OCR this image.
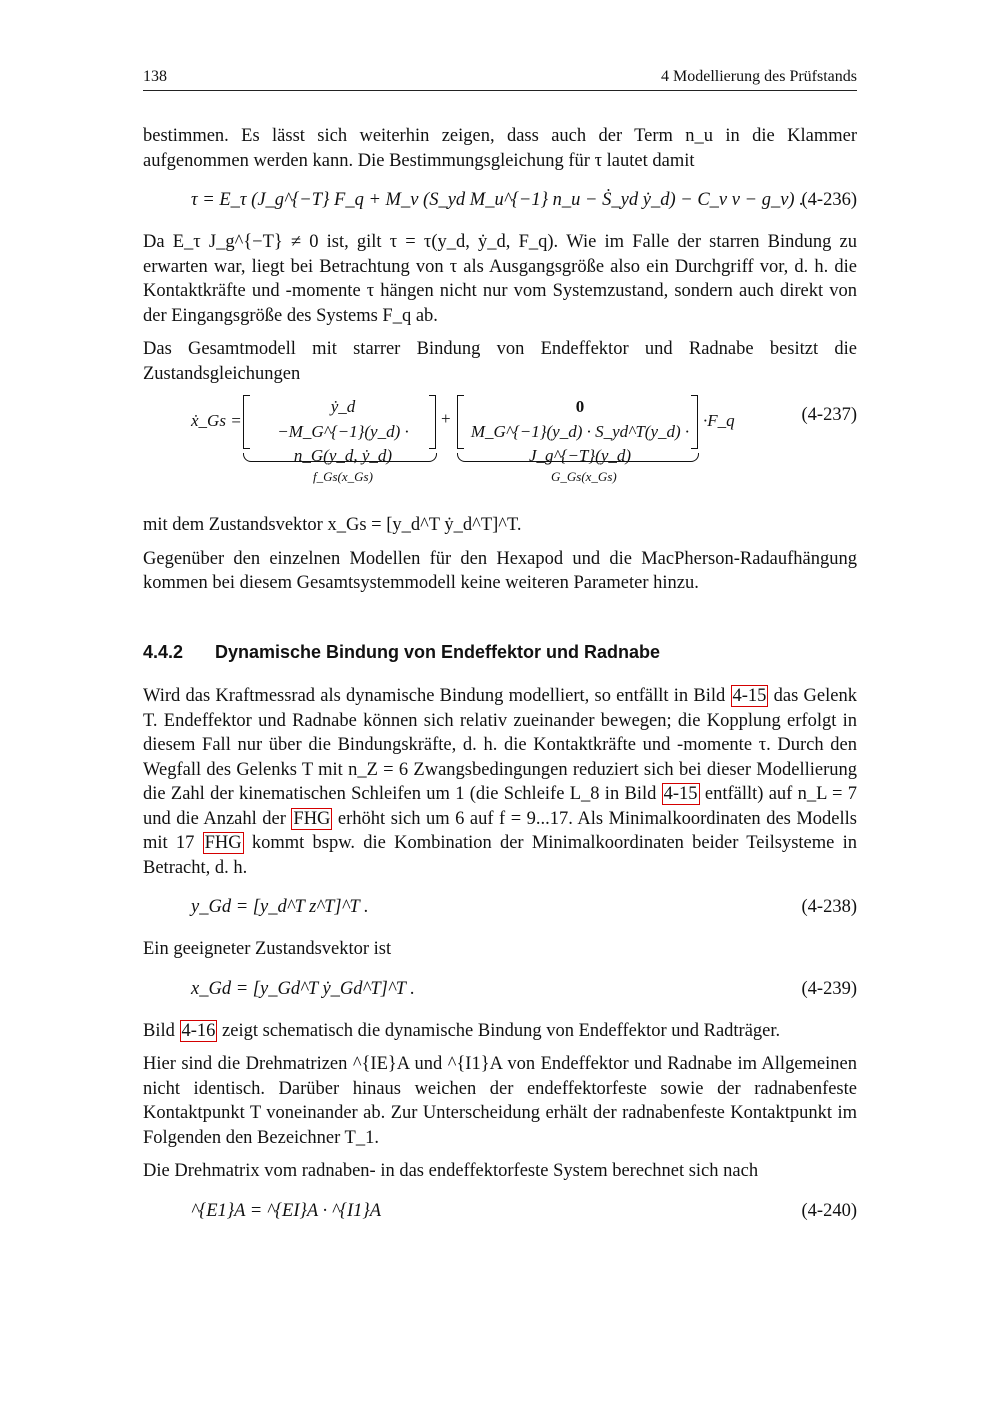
138	4 Modellierung des Prüfstands

bestimmen. Es lässt sich weiterhin zeigen, dass auch der Term n_u in die Klammer aufgenommen werden kann. Die Bestimmungsgleichung für τ lautet damit

τ = E_τ (J_g^{−T} F_q + M_v (S_yd M_u^{−1} n_u − Ṡ_yd ẏ_d) − C_v v − g_v) .
(4-236)

Da E_τ J_g^{−T} ≠ 0 ist, gilt τ = τ(y_d, ẏ_d, F_q). Wie im Falle der starren Bindung zu erwarten war, liegt bei Betrachtung von τ als Ausgangsgröße also ein Durchgriff vor, d. h. die Kontaktkräfte und -momente τ hängen nicht nur vom Systemzustand, sondern auch direkt von der Eingangsgröße des Systems F_q ab.

Das Gesamtmodell mit starrer Bindung von Endeffektor und Radnabe besitzt die Zustandsgleichungen

ẋ_Gs =
ẏ_d
−M_G^{−1}(y_d) · n_G(y_d, ẏ_d)
+
0
M_G^{−1}(y_d) · S_yd^T(y_d) · J_g^{−T}(y_d)
·F_q
f_Gs(x_Gs)	G_Gs(x_Gs)
(4-237)

mit dem Zustandsvektor x_Gs = [y_d^T ẏ_d^T]^T.

Gegenüber den einzelnen Modellen für den Hexapod und die MacPherson-Radaufhängung kommen bei diesem Gesamtsystemmodell keine weiteren Parameter hinzu.

4.4.2 Dynamische Bindung von Endeffektor und Radnabe

Wird das Kraftmessrad als dynamische Bindung modelliert, so entfällt in Bild 4-15 das Gelenk T. Endeffektor und Radnabe können sich relativ zueinander bewegen; die Kopplung erfolgt in diesem Fall nur über die Bindungskräfte, d. h. die Kontaktkräfte und -momente τ. Durch den Wegfall des Gelenks T mit n_Z = 6 Zwangsbedingungen reduziert sich bei dieser Modellierung die Zahl der kinematischen Schleifen um 1 (die Schleife L_8 in Bild 4-15 entfällt) auf n_L = 7 und die Anzahl der FHG erhöht sich um 6 auf f = 9...17. Als Minimalkoordinaten des Modells mit 17 FHG kommt bspw. die Kombination der Minimalkoordinaten beider Teilsysteme in Betracht, d. h.

y_Gd = [y_d^T z^T]^T .	(4-238)

Ein geeigneter Zustandsvektor ist

x_Gd = [y_Gd^T ẏ_Gd^T]^T .	(4-239)

Bild 4-16 zeigt schematisch die dynamische Bindung von Endeffektor und Radträger.

Hier sind die Drehmatrizen ^{IE}A und ^{I1}A von Endeffektor und Radnabe im Allgemeinen nicht identisch. Darüber hinaus weichen der endeffektorfeste sowie der radnabenfeste Kontaktpunkt T voneinander ab. Zur Unterscheidung erhält der radnabenfeste Kontaktpunkt im Folgenden den Bezeichner T_1.

Die Drehmatrix vom radnaben- in das endeffektorfeste System berechnet sich nach

^{E1}A = ^{EI}A · ^{I1}A	(4-240)
